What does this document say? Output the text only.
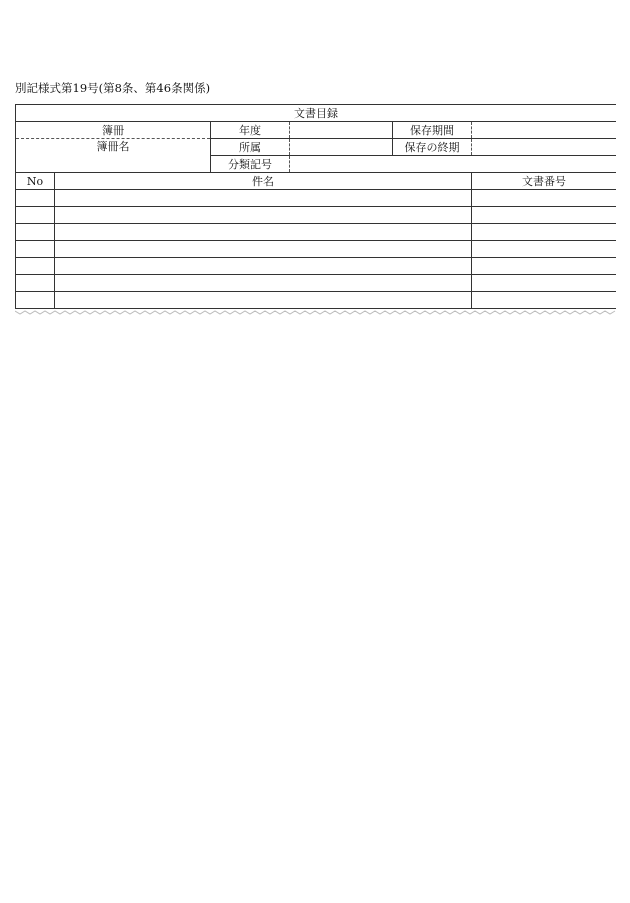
別記様式第19号(第8条、第46条関係)
文書目録				
簿冊	年度		保存期間	
簿冊名	所属		保存の終期	
	分類記号			
No	件名	文書番号
